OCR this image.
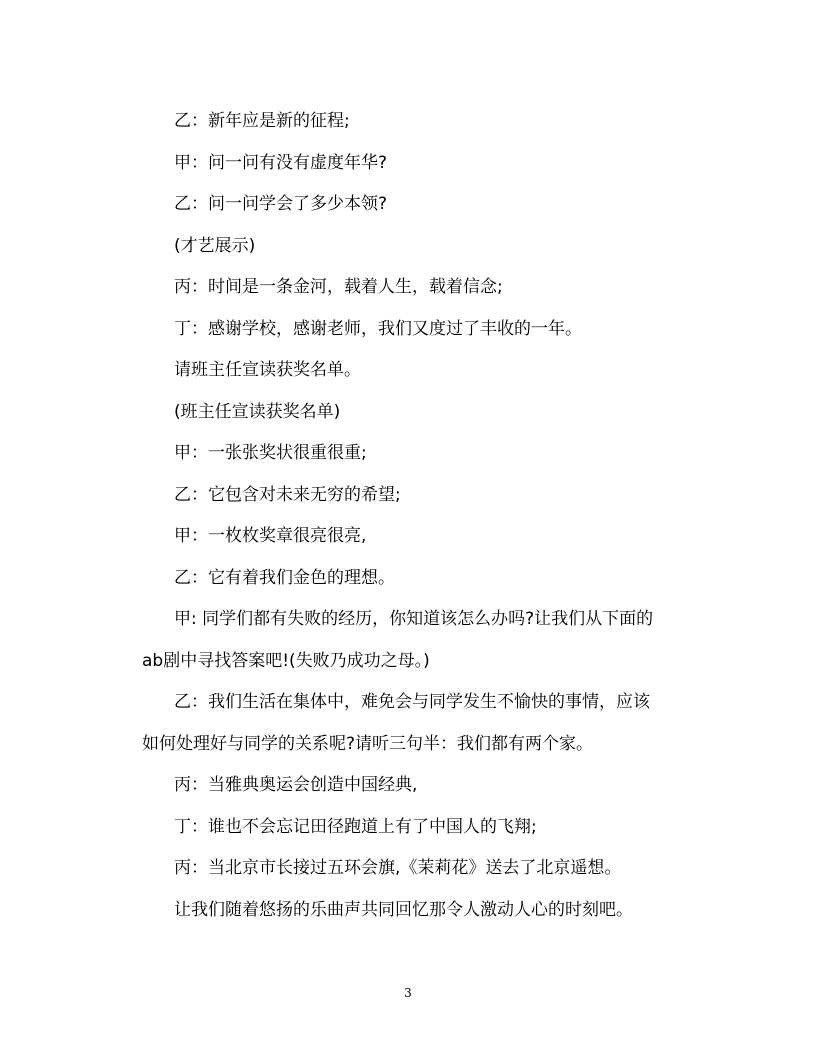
乙：新年应是新的征程;
甲：问一问有没有虚度年华?
乙：问一问学会了多少本领?
(才艺展示)
丙：时间是一条金河，载着人生，载着信念;
丁：感谢学校，感谢老师，我们又度过了丰收的一年。
请班主任宣读获奖名单。
(班主任宣读获奖名单)
甲：一张张奖状很重很重;
乙：它包含对未来无穷的希望;
甲：一枚枚奖章很亮很亮,
乙：它有着我们金色的理想。
甲: 同学们都有失败的经历，你知道该怎么办吗?让我们从下面的
ab剧中寻找答案吧!(失败乃成功之母。)
乙：我们生活在集体中，难免会与同学发生不愉快的事情，应该
如何处理好与同学的关系呢?请听三句半：我们都有两个家。
丙：当雅典奥运会创造中国经典,
丁：谁也不会忘记田径跑道上有了中国人的飞翔;
丙：当北京市长接过五环会旗,《茉莉花》送去了北京遥想。
让我们随着悠扬的乐曲声共同回忆那令人激动人心的时刻吧。
3
